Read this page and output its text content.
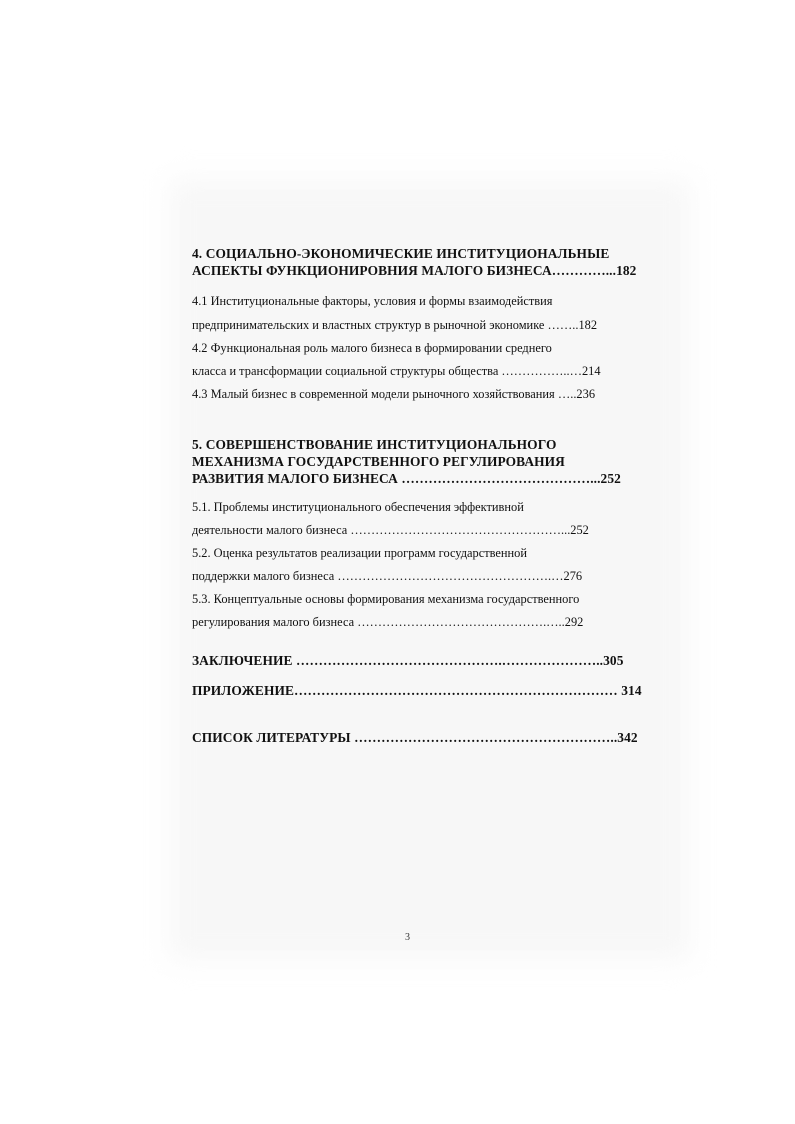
4. СОЦИАЛЬНО-ЭКОНОМИЧЕСКИЕ ИНСТИТУЦИОНАЛЬНЫЕ
АСПЕКТЫ ФУНКЦИОНИРОВНИЯ МАЛОГО БИЗНЕСА…………...182
4.1 Институциональные факторы, условия и формы взаимодействия
предпринимательских и властных структур в рыночной экономике ……..182
4.2 Функциональная роль малого бизнеса в формировании среднего
класса и трансформации социальной структуры общества ……………..…214
4.3 Малый бизнес в современной модели рыночного хозяйствования …..236
5. СОВЕРШЕНСТВОВАНИЕ ИНСТИТУЦИОНАЛЬНОГО
МЕХАНИЗМА ГОСУДАРСТВЕННОГО РЕГУЛИРОВАНИЯ
РАЗВИТИЯ МАЛОГО БИЗНЕСА ……………………………………...252
5.1. Проблемы институционального обеспечения эффективной
деятельности малого бизнеса ……………………………………………...252
5.2. Оценка результатов реализации программ государственной
поддержки малого бизнеса …………………………………………….…276
5.3. Концептуальные основы формирования механизма государственного
регулирования малого бизнеса ……………………………………….…..292
ЗАКЛЮЧЕНИЕ ……………………………………….…………………..305
ПРИЛОЖЕНИЕ……………………………………………………………… 314
СПИСОК ЛИТЕРАТУРЫ …………………………………………………..342
3
